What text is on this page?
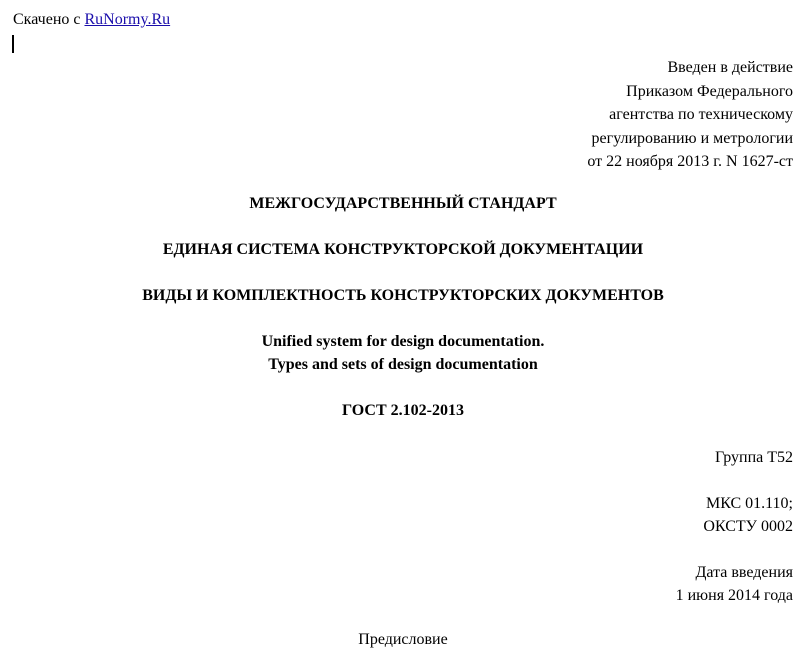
Скачено с RuNormy.Ru
Введен в действие
Приказом Федерального
агентства по техническому
регулированию и метрологии
от 22 ноября 2013 г. N 1627-ст
МЕЖГОСУДАРСТВЕННЫЙ СТАНДАРТ
ЕДИНАЯ СИСТЕМА КОНСТРУКТОРСКОЙ ДОКУМЕНТАЦИИ
ВИДЫ И КОМПЛЕКТНОСТЬ КОНСТРУКТОРСКИХ ДОКУМЕНТОВ
Unified system for design documentation.
Types and sets of design documentation
ГОСТ 2.102-2013
Группа Т52
МКС 01.110;
ОКСТУ 0002
Дата введения
1 июня 2014 года
Предисловие
